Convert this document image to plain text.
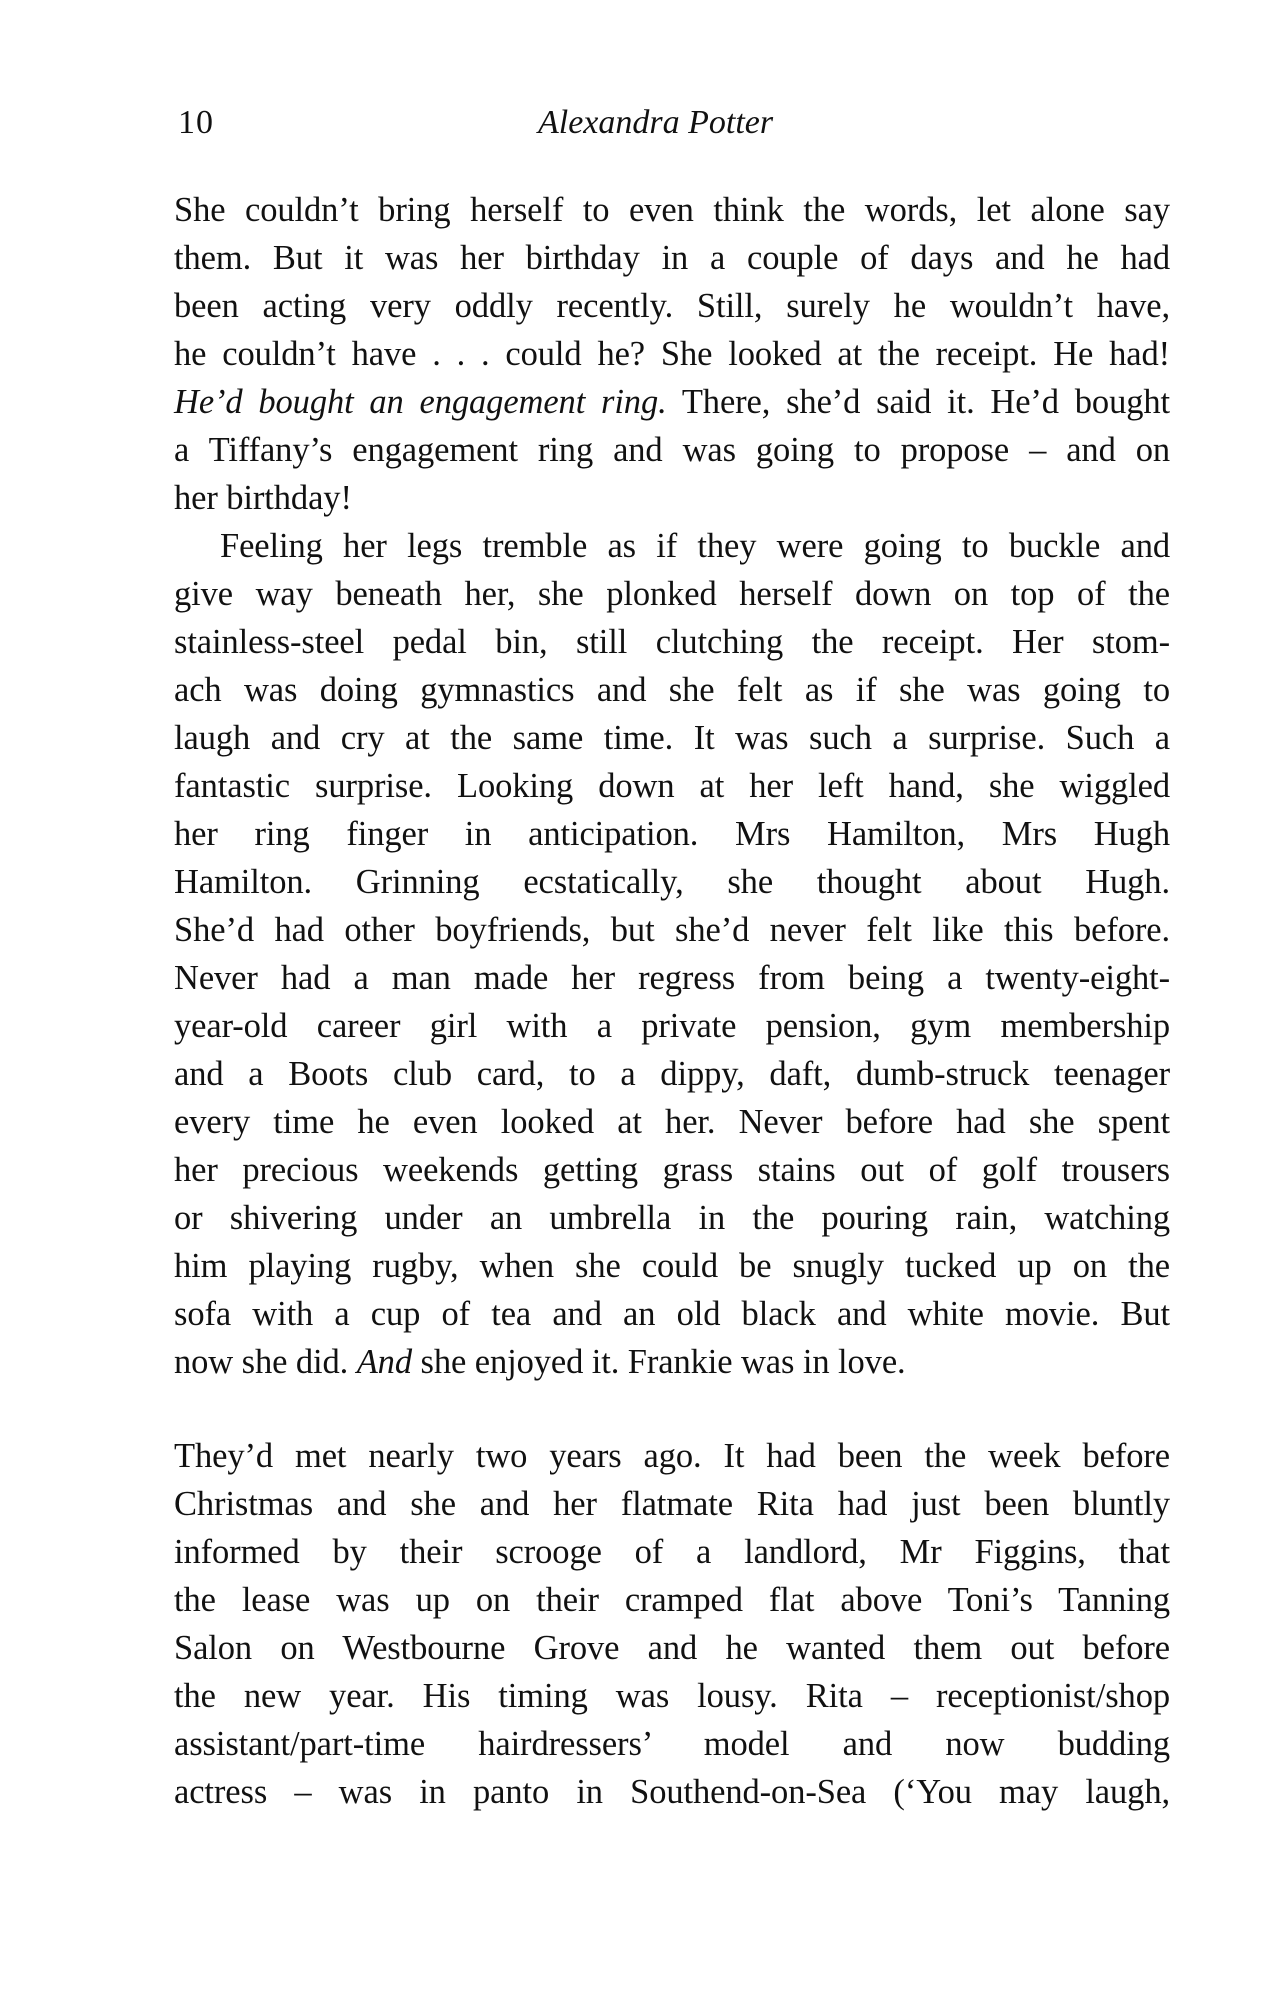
10	Alexandra Potter
She couldn’t bring herself to even think the words, let alone say
them. But it was her birthday in a couple of days and he had
been acting very oddly recently. Still, surely he wouldn’t have,
he couldn’t have . . . could he? She looked at the receipt. He had!
He’d bought an engagement ring. There, she’d said it. He’d bought
a Tiffany’s engagement ring and was going to propose – and on
her birthday!
Feeling her legs tremble as if they were going to buckle and
give way beneath her, she plonked herself down on top of the
stainless-steel pedal bin, still clutching the receipt. Her stom-
ach was doing gymnastics and she felt as if she was going to
laugh and cry at the same time. It was such a surprise. Such a
fantastic surprise. Looking down at her left hand, she wiggled
her ring finger in anticipation. Mrs Hamilton, Mrs Hugh
Hamilton. Grinning ecstatically, she thought about Hugh.
She’d had other boyfriends, but she’d never felt like this before.
Never had a man made her regress from being a twenty-eight-
year-old career girl with a private pension, gym membership
and a Boots club card, to a dippy, daft, dumb-struck teenager
every time he even looked at her. Never before had she spent
her precious weekends getting grass stains out of golf trousers
or shivering under an umbrella in the pouring rain, watching
him playing rugby, when she could be snugly tucked up on the
sofa with a cup of tea and an old black and white movie. But
now she did. And she enjoyed it. Frankie was in love.
They’d met nearly two years ago. It had been the week before
Christmas and she and her flatmate Rita had just been bluntly
informed by their scrooge of a landlord, Mr Figgins, that
the lease was up on their cramped flat above Toni’s Tanning
Salon on Westbourne Grove and he wanted them out before
the new year. His timing was lousy. Rita – receptionist/shop
assistant/part-time hairdressers’ model and now budding
actress – was in panto in Southend-on-Sea (‘You may laugh,
